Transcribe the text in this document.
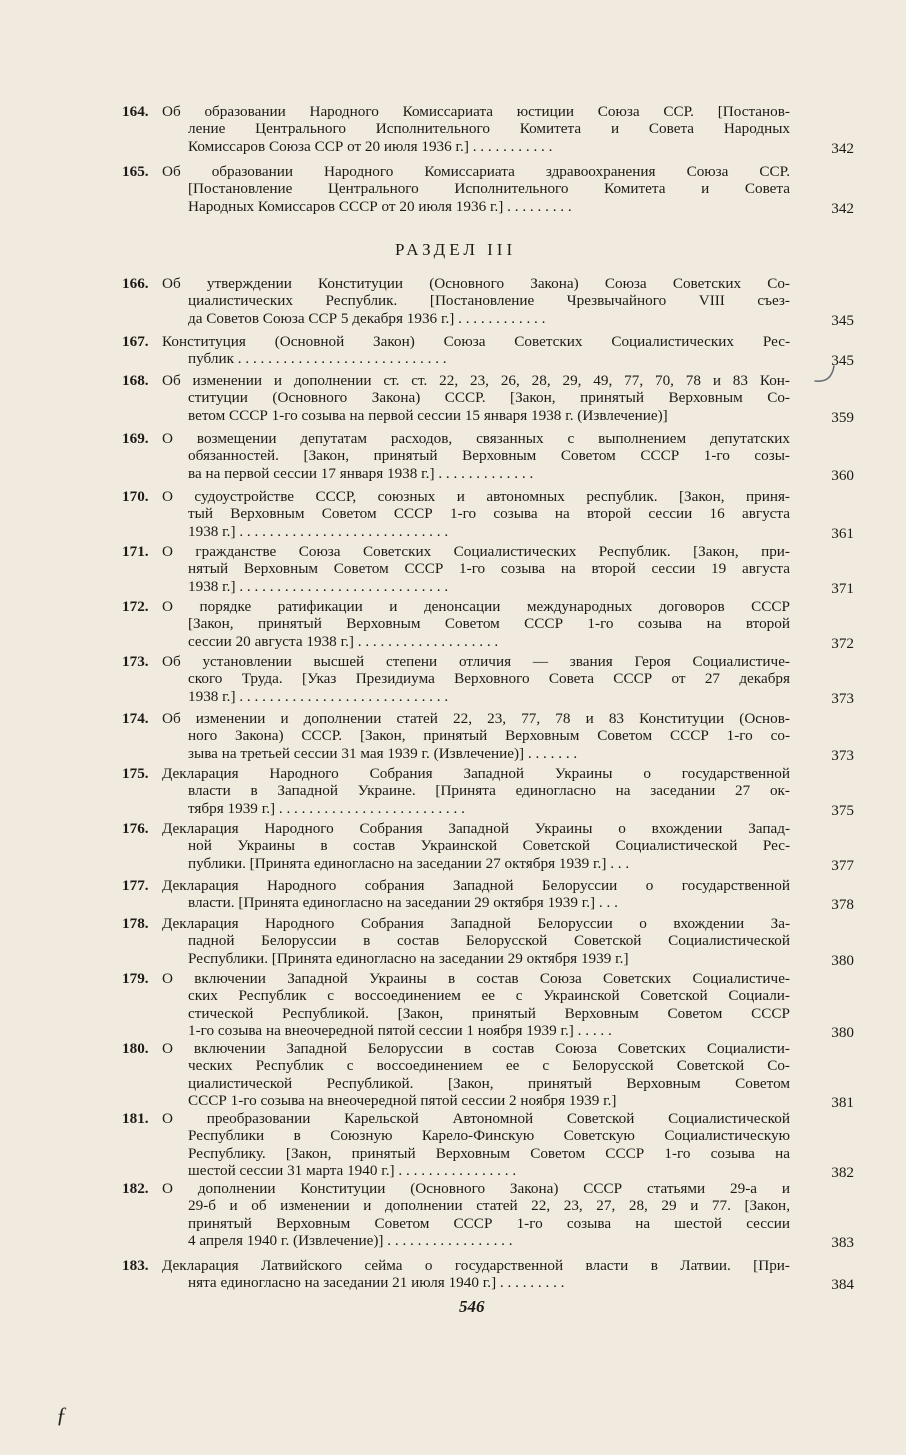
164. Об образовании Народного Комиссариата юстиции Союза ССР. [Постанов-
ление Центрального Исполнительного Комитета и Совета Народных
Комиссаров Союза ССР от 20 июля 1936 г.] . . . . . . . . . . .	342
165. Об образовании Народного Комиссариата здравоохранения Союза ССР.
[Постановление Центрального Исполнительного Комитета и Совета
Народных Комиссаров СССР от 20 июля 1936 г.] . . . . . . . . .	342
166. Об утверждении Конституции (Основного Закона) Союза Советских Со-
циалистических Республик. [Постановление Чрезвычайного VIII съез-
да Советов Союза ССР 5 декабря 1936 г.] . . . . . . . . . . . .	345
167. Конституция (Основной Закон) Союза Советских Социалистических Рес-
публик . . . . . . . . . . . . . . . . . . . . . . . . . . . .	345
168. Об изменении и дополнении ст. ст. 22, 23, 26, 28, 29, 49, 77, 70, 78 и 83 Кон-
ституции (Основного Закона) СССР. [Закон, принятый Верховным Со-
ветом СССР 1-го созыва на первой сессии 15 января 1938 г. (Извлечение)]	359
169. О возмещении депутатам расходов, связанных с выполнением депутатских
обязанностей. [Закон, принятый Верховным Советом СССР 1-го созы-
ва на первой сессии 17 января 1938 г.] . . . . . . . . . . . . .	360
170. О судоустройстве СССР, союзных и автономных республик. [Закон, приня-
тый Верховным Советом СССР 1-го созыва на второй сессии 16 августа
1938 г.] . . . . . . . . . . . . . . . . . . . . . . . . . . . .	361
171. О гражданстве Союза Советских Социалистических Республик. [Закон, при-
нятый Верховным Советом СССР 1-го созыва на второй сессии 19 августа
1938 г.] . . . . . . . . . . . . . . . . . . . . . . . . . . . .	371
172. О порядке ратификации и денонсации международных договоров СССР
[Закон, принятый Верховным Советом СССР 1-го созыва на второй
сессии 20 августа 1938 г.] . . . . . . . . . . . . . . . . . . .	372
173. Об установлении высшей степени отличия — звания Героя Социалистиче-
ского Труда. [Указ Президиума Верховного Совета СССР от 27 декабря
1938 г.] . . . . . . . . . . . . . . . . . . . . . . . . . . . .	373
174. Об изменении и дополнении статей 22, 23, 77, 78 и 83 Конституции (Основ-
ного Закона) СССР. [Закон, принятый Верховным Советом СССР 1-го со-
зыва на третьей сессии 31 мая 1939 г. (Извлечение)] . . . . . . .	373
175. Декларация Народного Собрания Западной Украины о государственной
власти в Западной Украине. [Принята единогласно на заседании 27 ок-
тября 1939 г.] . . . . . . . . . . . . . . . . . . . . . . . . .	375
176. Декларация Народного Собрания Западной Украины о вхождении Запад-
ной Украины в состав Украинской Советской Социалистической Рес-
публики. [Принята единогласно на заседании 27 октября 1939 г.] . . .	377
177. Декларация Народного собрания Западной Белоруссии о государственной
власти. [Принята единогласно на заседании 29 октября 1939 г.] . . .	378
178. Декларация Народного Собрания Западной Белоруссии о вхождении За-
падной Белоруссии в состав Белорусской Советской Социалистической
Республики. [Принята единогласно на заседании 29 октября 1939 г.]	380
179. О включении Западной Украины в состав Союза Советских Социалистиче-
ских Республик с воссоединением ее с Украинской Советской Социали-
стической Республикой. [Закон, принятый Верховным Советом СССР
1-го созыва на внеочередной пятой сессии 1 ноября 1939 г.] . . . . .	380
180. О включении Западной Белоруссии в состав Союза Советских Социалисти-
ческих Республик с воссоединением ее с Белорусской Советской Со-
циалистической Республикой. [Закон, принятый Верховным Советом
СССР 1-го созыва на внеочередной пятой сессии 2 ноября 1939 г.]	381
181. О преобразовании Карельской Автономной Советской Социалистической
Республики в Союзную Карело-Финскую Советскую Социалистическую
Республику. [Закон, принятый Верховным Советом СССР 1-го созыва на
шестой сессии 31 марта 1940 г.] . . . . . . . . . . . . . . . .	382
182. О дополнении Конституции (Основного Закона) СССР статьями 29-а и
29-б и об изменении и дополнении статей 22, 23, 27, 28, 29 и 77. [Закон,
принятый Верховным Советом СССР 1-го созыва на шестой сессии
4 апреля 1940 г. (Извлечение)] . . . . . . . . . . . . . . . . .	383
183. Декларация Латвийского сейма о государственной власти в Латвии. [При-
нята единогласно на заседании 21 июля 1940 г.] . . . . . . . . .	384
РАЗДЕЛ III
546
ƒ
